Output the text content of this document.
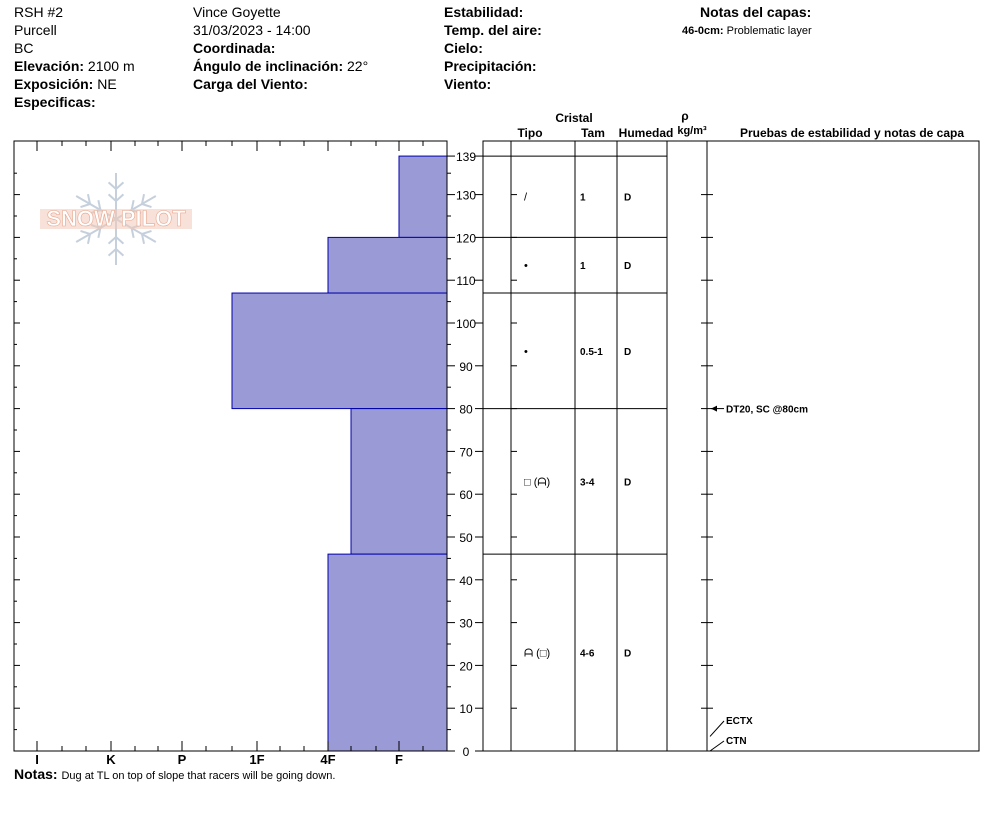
RSH #2
Purcell
BC
Elevación: 2100 m
Exposición: NE
Especificas:
Vince Goyette
31/03/2023 - 14:00
Coordinada:
Ángulo de inclinación: 22°
Carga del Viento:
Estabilidad:
Temp. del aire:
Cielo:
Precipitación:
Viento:
Notas del capas:
46-0cm: Problematic layer
Notas: Dug at TL on top of slope that racers will be going down.
SNOW PILOT
I	K	P	1F	4F	F	0
10
20
30
40
50
60
70
80
90
100
110
120
130
139
/	1	D
•	1	D
•	0.5-1 D
□ (ᗩ)	3-4	D
ᗩ (□)	4-6	D
DT20, SC @80cm
ECTX
CTN
Cristal
Tipo	Tam Humedad
ρ
kg/m³	Pruebas de estabilidad y notas de capa
